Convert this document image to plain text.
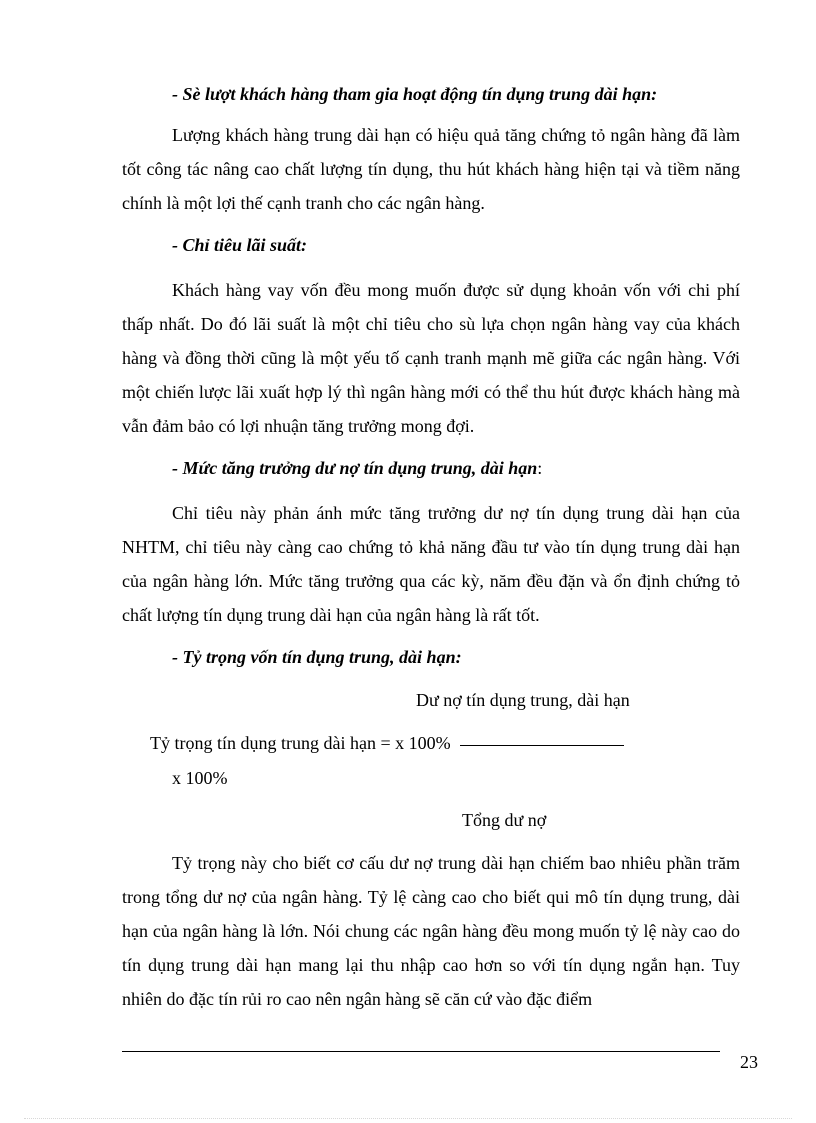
- Sè lượt khách hàng tham gia hoạt động tín dụng trung dài hạn:

Lượng khách hàng trung dài hạn có hiệu quả tăng chứng tỏ ngân hàng đã làm tốt công tác nâng cao chất lượng tín dụng, thu hút khách hàng hiện tại và tiềm năng chính là một lợi thế cạnh tranh cho các ngân hàng.

- Chỉ tiêu lãi suất:

Khách hàng vay vốn đều mong muốn được sử dụng khoản vốn với chi phí thấp nhất. Do đó lãi suất là một chỉ tiêu cho sù lựa chọn ngân hàng vay của khách hàng và đồng thời cũng là một yếu tố cạnh tranh mạnh mẽ giữa các ngân hàng. Với một chiến lược lãi xuất hợp lý thì ngân hàng mới có thể thu hút được khách hàng mà vẫn đảm bảo có lợi nhuận tăng trưởng mong đợi.

- Mức tăng trưởng dư nợ tín dụng trung, dài hạn:

Chỉ tiêu này phản ánh mức tăng trưởng dư nợ tín dụng trung dài hạn của NHTM, chỉ tiêu này càng cao chứng tỏ khả năng đầu tư vào tín dụng trung dài hạn của ngân hàng lớn. Mức tăng trưởng qua các kỳ, năm đều đặn và ổn định chứng tỏ chất lượng tín dụng trung dài hạn của ngân hàng là rất tốt.

- Tỷ trọng vốn tín dụng trung, dài hạn:
Dư nợ tín dụng trung, dài hạn
Tỷ trọng tín dụng trung dài hạn = x 100%
x 100%
Tổng dư nợ

Tỷ trọng này cho biết cơ cấu dư nợ trung dài hạn chiếm bao nhiêu phần trăm trong tổng dư nợ của ngân hàng. Tỷ lệ càng cao cho biết qui mô tín dụng trung, dài hạn của ngân hàng là lớn. Nói chung các ngân hàng đều mong muốn tỷ lệ này cao do tín dụng trung dài hạn mang lại thu nhập cao hơn so với tín dụng ngắn hạn. Tuy nhiên do đặc tín rủi ro cao nên ngân hàng sẽ căn cứ vào đặc điểm

23
